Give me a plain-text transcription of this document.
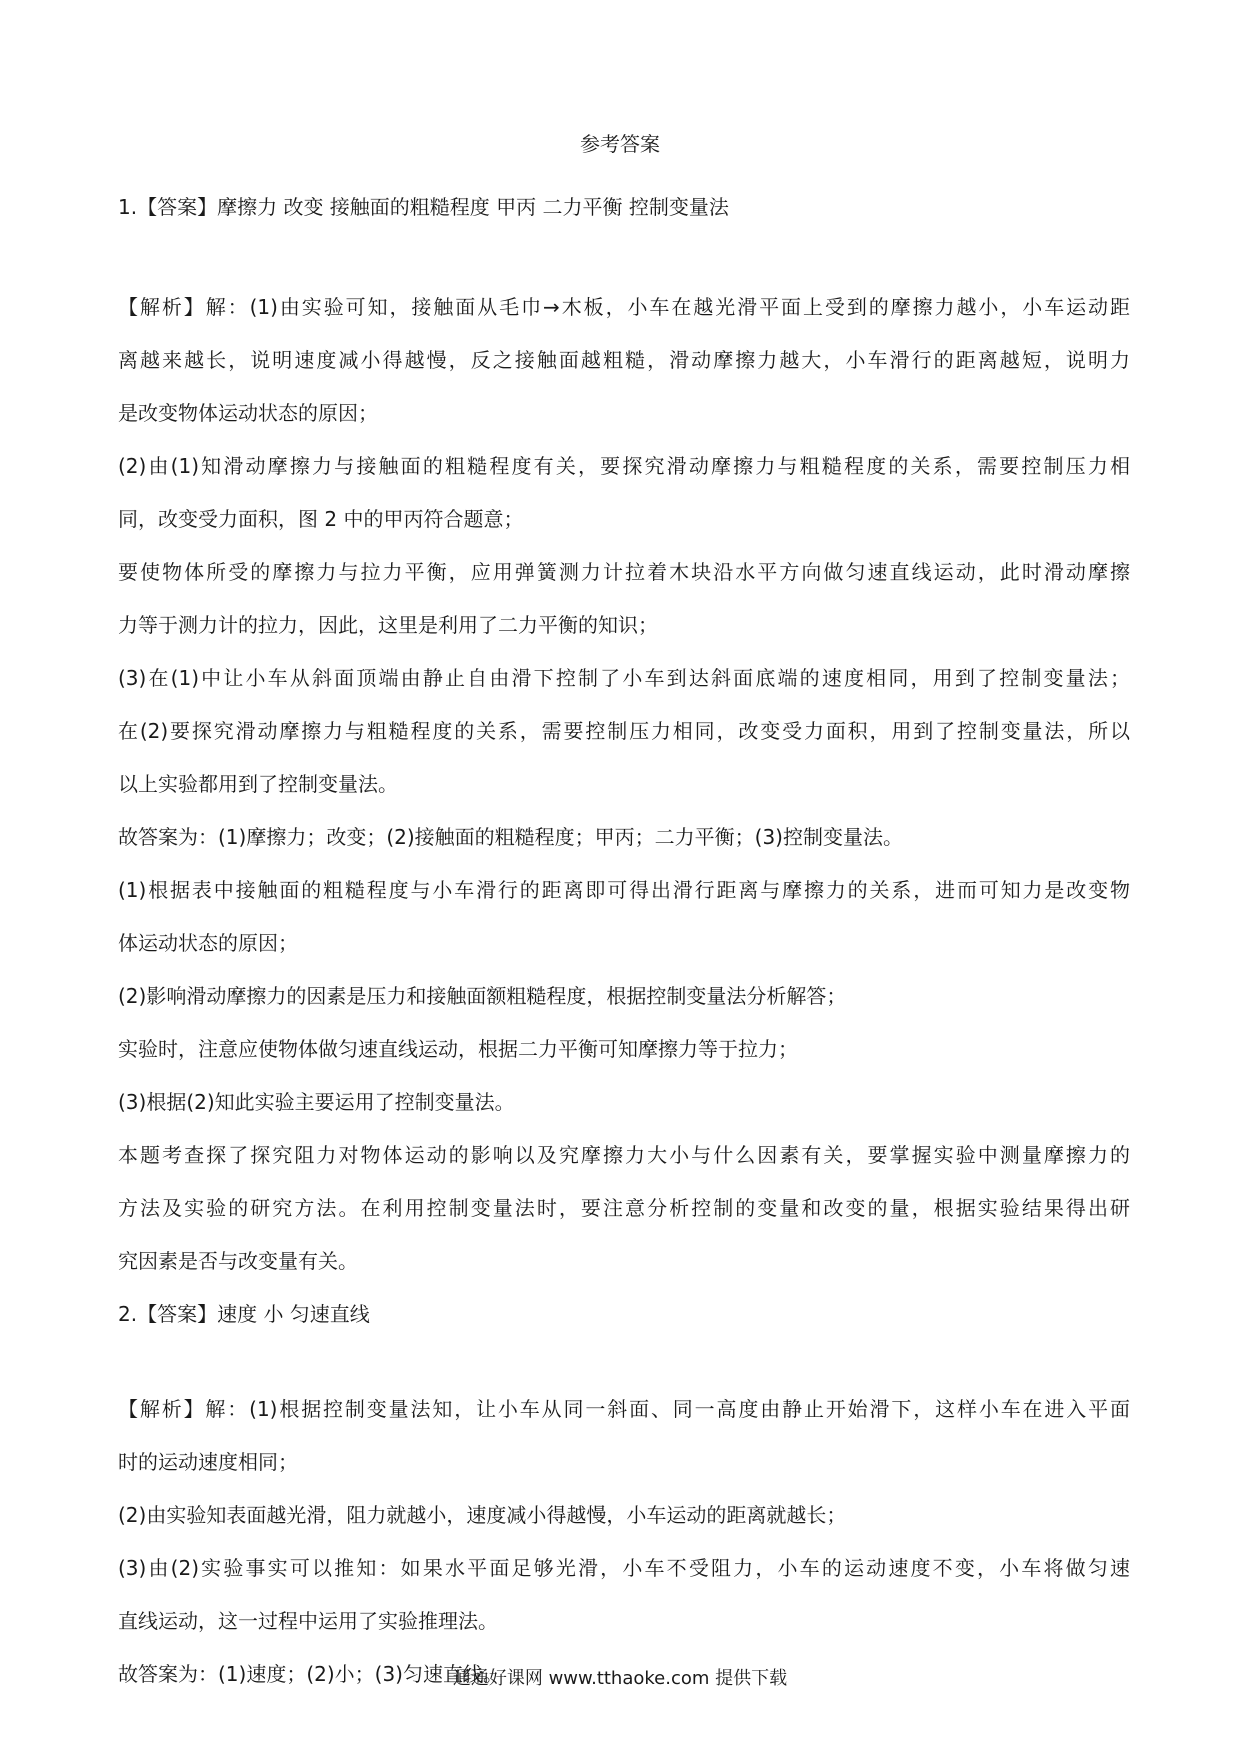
参考答案
1.【答案】摩擦力 改变 接触面的粗糙程度 甲丙 二力平衡 控制变量法
【解析】解：(1)由实验可知，接触面从毛巾→木板，小车在越光滑平面上受到的摩擦力越小，小车运动距
离越来越长，说明速度减小得越慢，反之接触面越粗糙，滑动摩擦力越大，小车滑行的距离越短，说明力
是改变物体运动状态的原因；
(2)由(1)知滑动摩擦力与接触面的粗糙程度有关，要探究滑动摩擦力与粗糙程度的关系，需要控制压力相
同，改变受力面积，图 2 中的甲丙符合题意；
要使物体所受的摩擦力与拉力平衡，应用弹簧测力计拉着木块沿水平方向做匀速直线运动，此时滑动摩擦
力等于测力计的拉力，因此，这里是利用了二力平衡的知识；
(3)在(1)中让小车从斜面顶端由静止自由滑下控制了小车到达斜面底端的速度相同，用到了控制变量法；
在(2)要探究滑动摩擦力与粗糙程度的关系，需要控制压力相同，改变受力面积，用到了控制变量法，所以
以上实验都用到了控制变量法。
故答案为：(1)摩擦力；改变；(2)接触面的粗糙程度；甲丙；二力平衡；(3)控制变量法。
(1)根据表中接触面的粗糙程度与小车滑行的距离即可得出滑行距离与摩擦力的关系，进而可知力是改变物
体运动状态的原因；
(2)影响滑动摩擦力的因素是压力和接触面额粗糙程度，根据控制变量法分析解答；
实验时，注意应使物体做匀速直线运动，根据二力平衡可知摩擦力等于拉力；
(3)根据(2)知此实验主要运用了控制变量法。
本题考查探了探究阻力对物体运动的影响以及究摩擦力大小与什么因素有关，要掌握实验中测量摩擦力的
方法及实验的研究方法。在利用控制变量法时，要注意分析控制的变量和改变的量，根据实验结果得出研
究因素是否与改变量有关。
2.【答案】速度 小 匀速直线
【解析】解：(1)根据控制变量法知，让小车从同一斜面、同一高度由静止开始滑下，这样小车在进入平面
时的运动速度相同；
(2)由实验知表面越光滑，阻力就越小，速度减小得越慢，小车运动的距离就越长；
(3)由(2)实验事实可以推知：如果水平面足够光滑，小车不受阻力，小车的运动速度不变，小车将做匀速
直线运动，这一过程中运用了实验推理法。
故答案为：(1)速度；(2)小；(3)匀速直线。
通通好课网 www.tthaoke.com 提供下载
